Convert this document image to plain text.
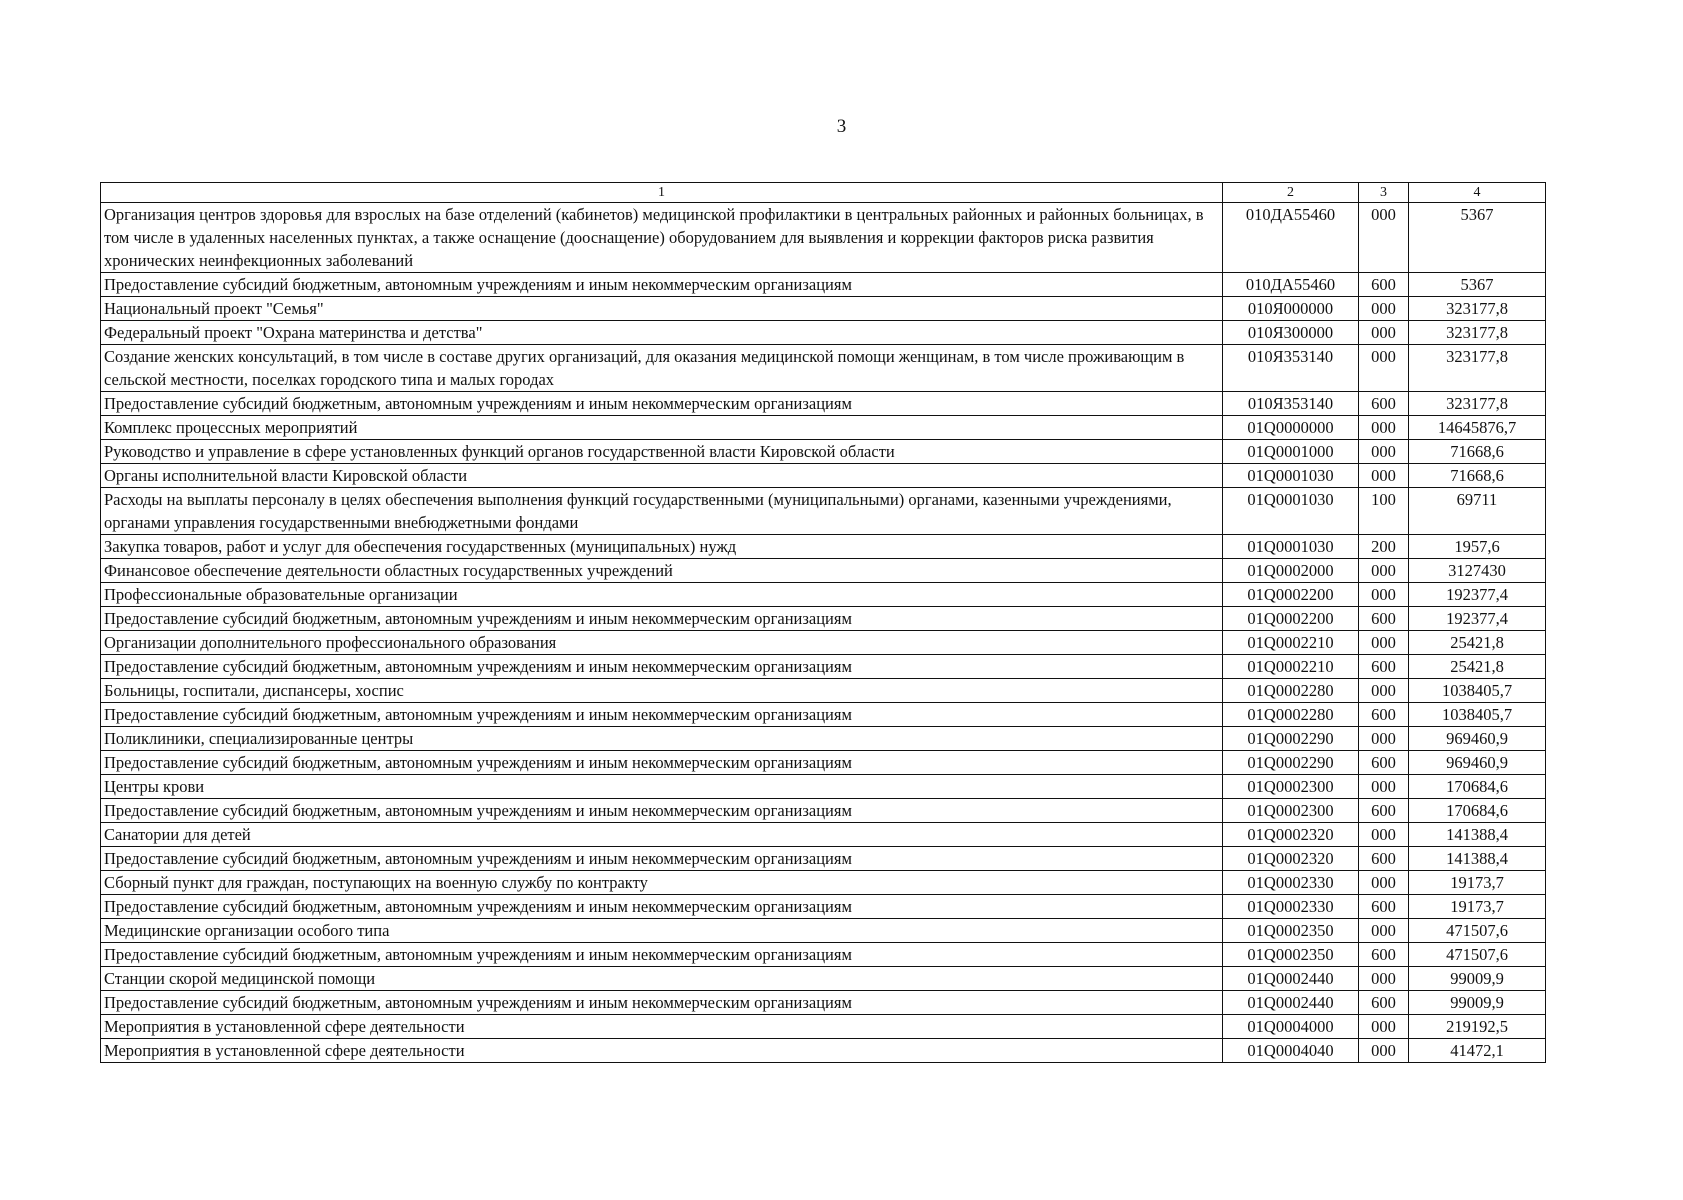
3
1	2	3	4
Организация центров здоровья для взрослых на базе отделений (кабинетов) медицинской профилактики в центральных районных и районных больницах, в том числе в удаленных населенных пунктах, а также оснащение (дооснащение) оборудованием для выявления и коррекции факторов риска развития хронических неинфекционных заболеваний	010ДА55460	000	5367
Предоставление субсидий бюджетным, автономным учреждениям и иным некоммерческим организациям	010ДА55460	600	5367
Национальный проект "Семья"	010Я000000	000	323177,8
Федеральный проект "Охрана материнства и детства"	010Я300000	000	323177,8
Создание женских консультаций, в том числе в составе других организаций, для оказания медицинской помощи женщинам, в том числе проживающим в сельской местности, поселках городского типа и малых городах	010Я353140	000	323177,8
Предоставление субсидий бюджетным, автономным учреждениям и иным некоммерческим организациям	010Я353140	600	323177,8
Комплекс процессных мероприятий	01Q0000000	000	14645876,7
Руководство и управление в сфере установленных функций органов государственной власти Кировской области	01Q0001000	000	71668,6
Органы исполнительной власти Кировской области	01Q0001030	000	71668,6
Расходы на выплаты персоналу в целях обеспечения выполнения функций государственными (муниципальными) органами, казенными учреждениями, органами управления государственными внебюджетными фондами	01Q0001030	100	69711
Закупка товаров, работ и услуг для обеспечения государственных (муниципальных) нужд	01Q0001030	200	1957,6
Финансовое обеспечение деятельности областных государственных учреждений	01Q0002000	000	3127430
Профессиональные образовательные организации	01Q0002200	000	192377,4
Предоставление субсидий бюджетным, автономным учреждениям и иным некоммерческим организациям	01Q0002200	600	192377,4
Организации дополнительного профессионального образования	01Q0002210	000	25421,8
Предоставление субсидий бюджетным, автономным учреждениям и иным некоммерческим организациям	01Q0002210	600	25421,8
Больницы, госпитали, диспансеры, хоспис	01Q0002280	000	1038405,7
Предоставление субсидий бюджетным, автономным учреждениям и иным некоммерческим организациям	01Q0002280	600	1038405,7
Поликлиники, специализированные центры	01Q0002290	000	969460,9
Предоставление субсидий бюджетным, автономным учреждениям и иным некоммерческим организациям	01Q0002290	600	969460,9
Центры крови	01Q0002300	000	170684,6
Предоставление субсидий бюджетным, автономным учреждениям и иным некоммерческим организациям	01Q0002300	600	170684,6
Санатории для детей	01Q0002320	000	141388,4
Предоставление субсидий бюджетным, автономным учреждениям и иным некоммерческим организациям	01Q0002320	600	141388,4
Сборный пункт для граждан, поступающих на военную службу по контракту	01Q0002330	000	19173,7
Предоставление субсидий бюджетным, автономным учреждениям и иным некоммерческим организациям	01Q0002330	600	19173,7
Медицинские организации особого типа	01Q0002350	000	471507,6
Предоставление субсидий бюджетным, автономным учреждениям и иным некоммерческим организациям	01Q0002350	600	471507,6
Станции скорой медицинской помощи	01Q0002440	000	99009,9
Предоставление субсидий бюджетным, автономным учреждениям и иным некоммерческим организациям	01Q0002440	600	99009,9
Мероприятия в установленной сфере деятельности	01Q0004000	000	219192,5
Мероприятия в установленной сфере деятельности	01Q0004040	000	41472,1
